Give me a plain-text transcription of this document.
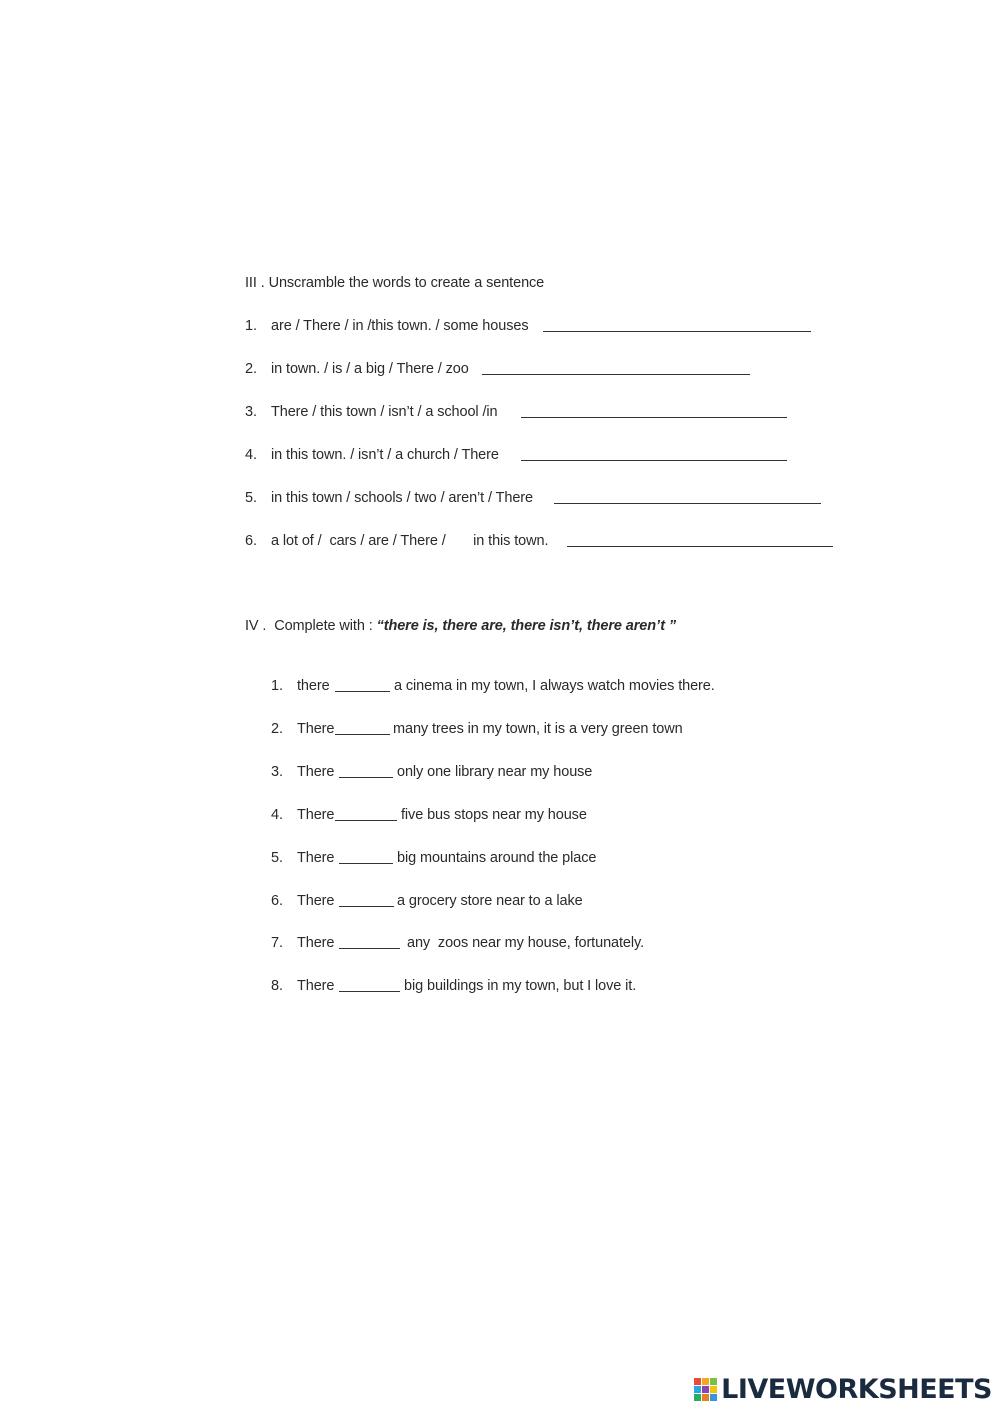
III . Unscramble the words to create a sentence
1. are / There / in /this town. / some houses
2. in town. / is / a big / There / zoo
3. There / this town / isn’t / a school /in
4. in this town. / isn’t / a church / There
5. in this town / schools / two / aren’t / There
6. a lot of /  cars / are / There /       in this town.
IV .  Complete with : “there is, there are, there isn’t, there aren’t ”
1. there	a cinema in my town, I always watch movies there.
2. There	many trees in my town, it is a very green town
3. There	only one library near my house
4. There	five bus stops near my house
5. There	big mountains around the place
6. There	a grocery store near to a lake
7. There	any  zoos near my house, fortunately.
8. There	big buildings in my town, but I love it.
LIVEWORKSHEETS
